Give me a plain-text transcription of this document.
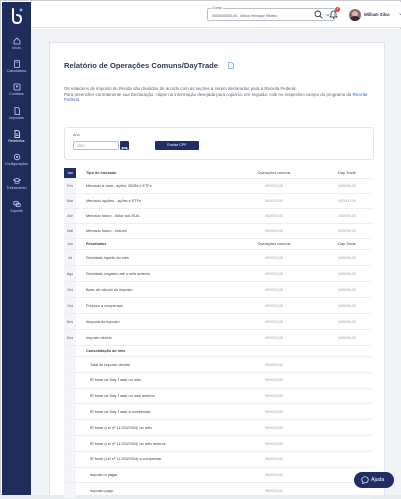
Início
Calculadora
Contatos
Impostos
Relatórios
Configurações
Treinamento
Suporte
Conta
0000000000-00 - Maria Henrique Ribeiro
1
William Silva
Relatório de Operações Comuns/DayTrade

Os relatórios de imposto de Renda são divididos de acordo com as seções a serem declaradas para a Receita Federal.

Para preencher corretamente sua Declaração, clique na informação desejada para copiá-la, em seguida, cole no respectivo campo do programa da Receita Federal.

Ano
2021	Enviar CPF
Jan	Tipo de mercado	Operações comuns	Day-Trade
Fev	Mercado à vista - ações, BDRs e ETFs	000000,00	000000,00
Mar	Mercado opções - ações e ETFs	000000,00	000000,00
Abr	Mercado futuro - dólar dos EUA	000000,00	000000,00
Mai	Mercado futuro - índices	000000,00	000000,00
Jun	Resultados	Operações comuns	Day-Trade
Jul	Resultado líquido do mês	000000,00	000000,00
Ago	Resultado negativo até o mês anterior	000000,00	000000,00
Set	Base de cálculo do imposto	000000,00	000000,00
Out	Prejuízo a compensar	000000,00	000000,00
Nov	Alíquota do imposto	000000,00	000000,00
Dez	Imposto devido	000000,00	000000,00
Consolidação do mês
Total do imposto devido	000000,00
IR fonte de Day-Trade no mês	000000,00
IR fonte de Day-Trade no mês anterior	000000,00
IR fonte de Day-Trade a compensar	000000,00
IR fonte (Lei nº 11.033/2004) no mês	000000,00
IR fonte (Lei nº 11.033/2004) no mês anterior	000000,00
IR fonte (Lei nº 11.033/2004) a compensar	000000,00
Imposto a pagar	000000,00
Imposto pago	000000,00
Ajuda
